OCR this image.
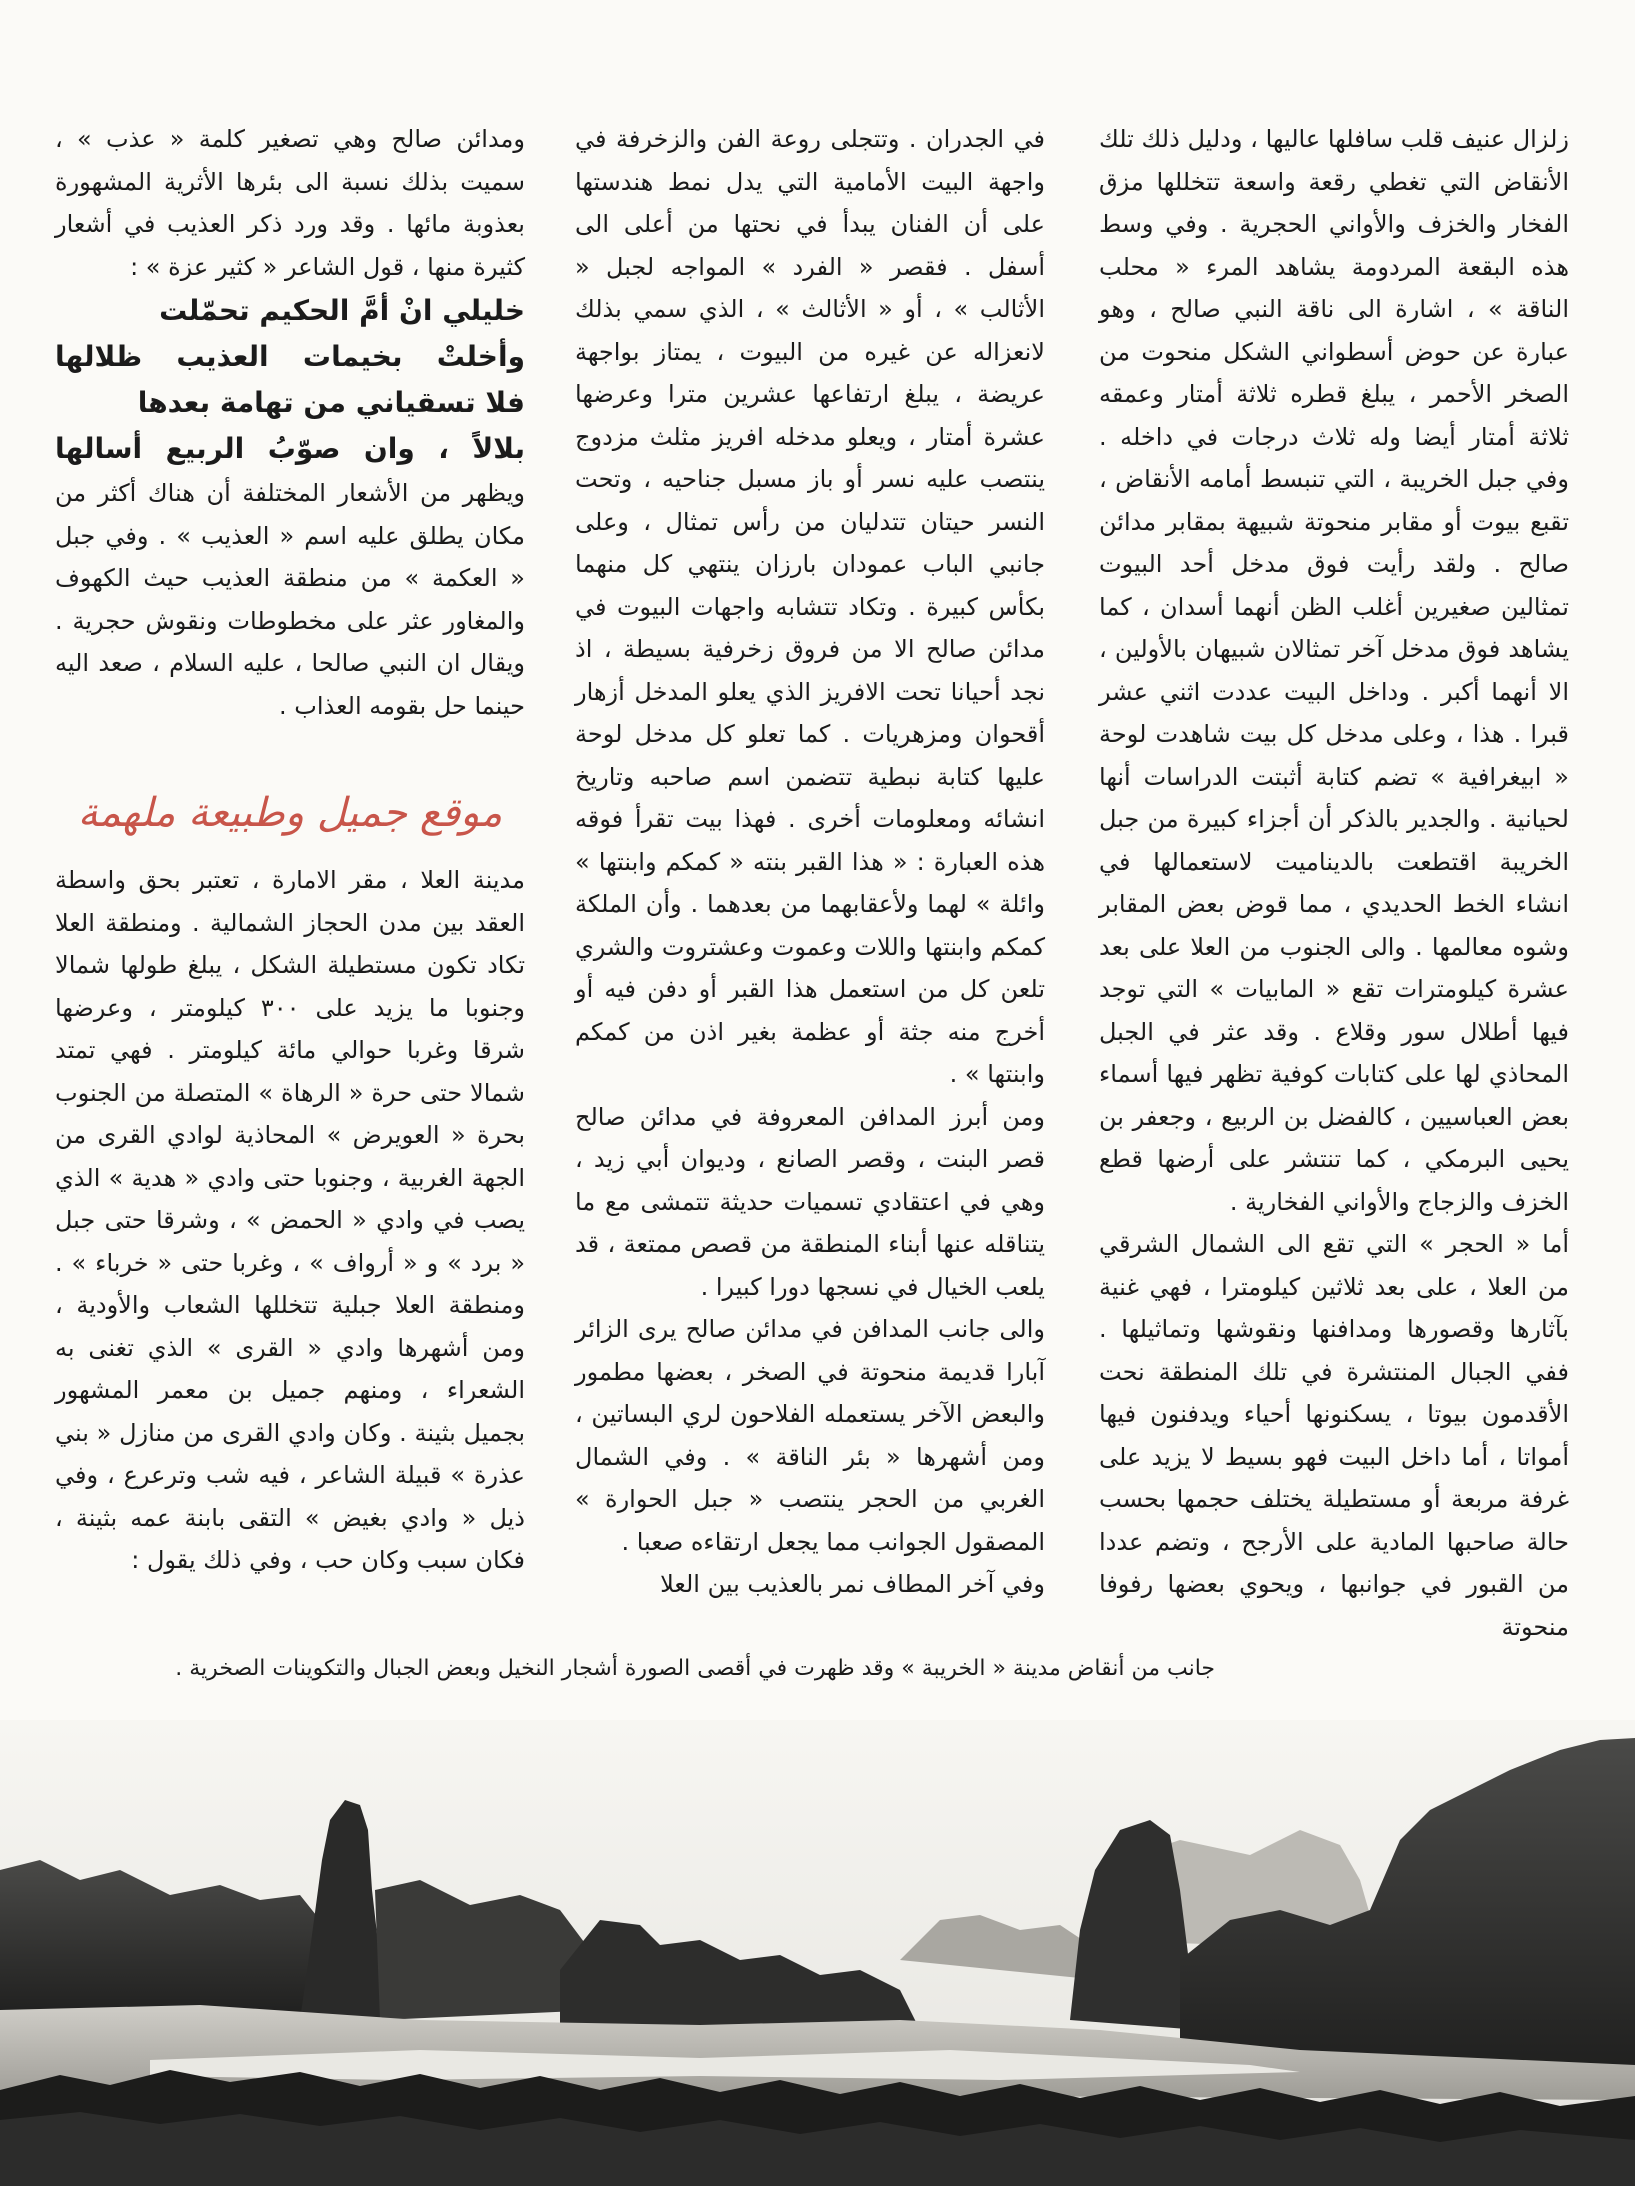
زلزال عنيف قلب سافلها عاليها ، ودليل ذلك تلك الأنقاض التي تغطي رقعة واسعة تتخللها مزق الفخار والخزف والأواني الحجرية . وفي وسط هذه البقعة المردومة يشاهد المرء « محلب الناقة » ، اشارة الى ناقة النبي صالح ، وهو عبارة عن حوض أسطواني الشكل منحوت من الصخر الأحمر ، يبلغ قطره ثلاثة أمتار وعمقه ثلاثة أمتار أيضا وله ثلاث درجات في داخله . وفي جبل الخريبة ، التي تنبسط أمامه الأنقاض ، تقبع بيوت أو مقابر منحوتة شبيهة بمقابر مدائن صالح . ولقد رأيت فوق مدخل أحد البيوت تمثالين صغيرين أغلب الظن أنهما أسدان ، كما يشاهد فوق مدخل آخر تمثالان شبيهان بالأولين ، الا أنهما أكبر . وداخل البيت عددت اثني عشر قبرا . هذا ، وعلى مدخل كل بيت شاهدت لوحة « ابيغرافية » تضم كتابة أثبتت الدراسات أنها لحيانية . والجدير بالذكر أن أجزاء كبيرة من جبل الخريبة اقتطعت بالديناميت لاستعمالها في انشاء الخط الحديدي ، مما قوض بعض المقابر وشوه معالمها . والى الجنوب من العلا على بعد عشرة كيلومترات تقع « المابيات » التي توجد فيها أطلال سور وقلاع . وقد عثر في الجبل المحاذي لها على كتابات كوفية تظهر فيها أسماء بعض العباسيين ، كالفضل بن الربيع ، وجعفر بن يحيى البرمكي ، كما تنتشر على أرضها قطع الخزف والزجاج والأواني الفخارية .

أما « الحجر » التي تقع الى الشمال الشرقي من العلا ، على بعد ثلاثين كيلومترا ، فهي غنية بآثارها وقصورها ومدافنها ونقوشها وتماثيلها . ففي الجبال المنتشرة في تلك المنطقة نحت الأقدمون بيوتا ، يسكنونها أحياء ويدفنون فيها أمواتا ، أما داخل البيت فهو بسيط لا يزيد على غرفة مربعة أو مستطيلة يختلف حجمها بحسب حالة صاحبها المادية على الأرجح ، وتضم عددا من القبور في جوانبها ، ويحوي بعضها رفوفا منحوتة

في الجدران . وتتجلى روعة الفن والزخرفة في واجهة البيت الأمامية التي يدل نمط هندستها على أن الفنان يبدأ في نحتها من أعلى الى أسفل . فقصر « الفرد » المواجه لجبل « الأثالب » ، أو « الأثالث » ، الذي سمي بذلك لانعزاله عن غيره من البيوت ، يمتاز بواجهة عريضة ، يبلغ ارتفاعها عشرين مترا وعرضها عشرة أمتار ، ويعلو مدخله افريز مثلث مزدوج ينتصب عليه نسر أو باز مسبل جناحيه ، وتحت النسر حيتان تتدليان من رأس تمثال ، وعلى جانبي الباب عمودان بارزان ينتهي كل منهما بكأس كبيرة . وتكاد تتشابه واجهات البيوت في مدائن صالح الا من فروق زخرفية بسيطة ، اذ نجد أحيانا تحت الافريز الذي يعلو المدخل أزهار أقحوان ومزهريات . كما تعلو كل مدخل لوحة عليها كتابة نبطية تتضمن اسم صاحبه وتاريخ انشائه ومعلومات أخرى . فهذا بيت تقرأ فوقه هذه العبارة : « هذا القبر بنته « كمكم وابنتها » وائلة » لهما ولأعقابهما من بعدهما . وأن الملكة كمكم وابنتها واللات وعموت وعشتروت والشري تلعن كل من استعمل هذا القبر أو دفن فيه أو أخرج منه جثة أو عظمة بغير اذن من كمكم وابنتها » .

ومن أبرز المدافن المعروفة في مدائن صالح قصر البنت ، وقصر الصانع ، وديوان أبي زيد ، وهي في اعتقادي تسميات حديثة تتمشى مع ما يتناقله عنها أبناء المنطقة من قصص ممتعة ، قد يلعب الخيال في نسجها دورا كبيرا .

والى جانب المدافن في مدائن صالح يرى الزائر آبارا قديمة منحوتة في الصخر ، بعضها مطمور والبعض الآخر يستعمله الفلاحون لري البساتين ، ومن أشهرها « بئر الناقة » . وفي الشمال الغربي من الحجر ينتصب « جبل الحوارة » المصقول الجوانب مما يجعل ارتقاءه صعبا .

وفي آخر المطاف نمر بالعذيب بين العلا

ومدائن صالح وهي تصغير كلمة « عذب » ، سميت بذلك نسبة الى بئرها الأثرية المشهورة بعذوبة مائها . وقد ورد ذكر العذيب في أشعار كثيرة منها ، قول الشاعر « كثير عزة » :

خليلي انْ أمَّ الحكيم تحمّلت
وأخلتْ بخيمات العذيب ظلالها
فلا تسقياني من تهامة بعدها
بلالاً ، وان صوّبُ الربيع أسالها

ويظهر من الأشعار المختلفة أن هناك أكثر من مكان يطلق عليه اسم « العذيب » . وفي جبل « العكمة » من منطقة العذيب حيث الكهوف والمغاور عثر على مخطوطات ونقوش حجرية . ويقال ان النبي صالحا ، عليه السلام ، صعد اليه حينما حل بقومه العذاب .

موقع جميل وطبيعة ملهمة

مدينة العلا ، مقر الامارة ، تعتبر بحق واسطة العقد بين مدن الحجاز الشمالية . ومنطقة العلا تكاد تكون مستطيلة الشكل ، يبلغ طولها شمالا وجنوبا ما يزيد على ٣٠٠ كيلومتر ، وعرضها شرقا وغربا حوالي مائة كيلومتر . فهي تمتد شمالا حتى حرة « الرهاة » المتصلة من الجنوب بحرة « العويرض » المحاذية لوادي القرى من الجهة الغربية ، وجنوبا حتى وادي « هدية » الذي يصب في وادي « الحمض » ، وشرقا حتى جبل « برد » و « أرواف » ، وغربا حتى « خرباء » . ومنطقة العلا جبلية تتخللها الشعاب والأودية ، ومن أشهرها وادي « القرى » الذي تغنى به الشعراء ، ومنهم جميل بن معمر المشهور بجميل بثينة . وكان وادي القرى من منازل « بني عذرة » قبيلة الشاعر ، فيه شب وترعرع ، وفي ذيل « وادي بغيض » التقى بابنة عمه بثينة ، فكان سبب وكان حب ، وفي ذلك يقول :

جانب من أنقاض مدينة « الخريبة » وقد ظهرت في أقصى الصورة أشجار النخيل وبعض الجبال والتكوينات الصخرية .
